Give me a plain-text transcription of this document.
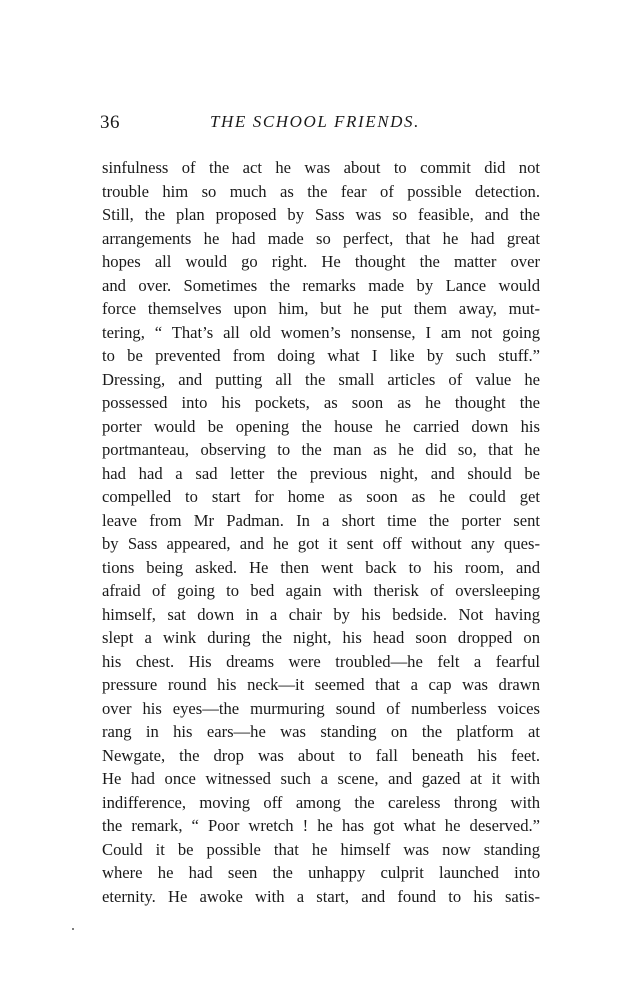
36	THE SCHOOL FRIENDS.
sinfulness of the act he was about to commit did not
trouble him so much as the fear of possible detection.
Still, the plan proposed by Sass was so feasible, and the
arrangements he had made so perfect, that he had great
hopes all would go right. He thought the matter over
and over. Sometimes the remarks made by Lance would
force themselves upon him, but he put them away, mut-
tering, “ That’s all old women’s nonsense, I am not going
to be prevented from doing what I like by such stuff.”
Dressing, and putting all the small articles of value he
possessed into his pockets, as soon as he thought the
porter would be opening the house he carried down his
portmanteau, observing to the man as he did so, that he
had had a sad letter the previous night, and should be
compelled to start for home as soon as he could get
leave from Mr Padman. In a short time the porter sent
by Sass appeared, and he got it sent off without any ques-
tions being asked. He then went back to his room, and
afraid of going to bed again with therisk of oversleeping
himself, sat down in a chair by his bedside. Not having
slept a wink during the night, his head soon dropped on
his chest. His dreams were troubled—he felt a fearful
pressure round his neck—it seemed that a cap was drawn
over his eyes—the murmuring sound of numberless voices
rang in his ears—he was standing on the platform at
Newgate, the drop was about to fall beneath his feet.
He had once witnessed such a scene, and gazed at it with
indifference, moving off among the careless throng with
the remark, “ Poor wretch ! he has got what he deserved.”
Could it be possible that he himself was now standing
where he had seen the unhappy culprit launched into
eternity. He awoke with a start, and found to his satis-
